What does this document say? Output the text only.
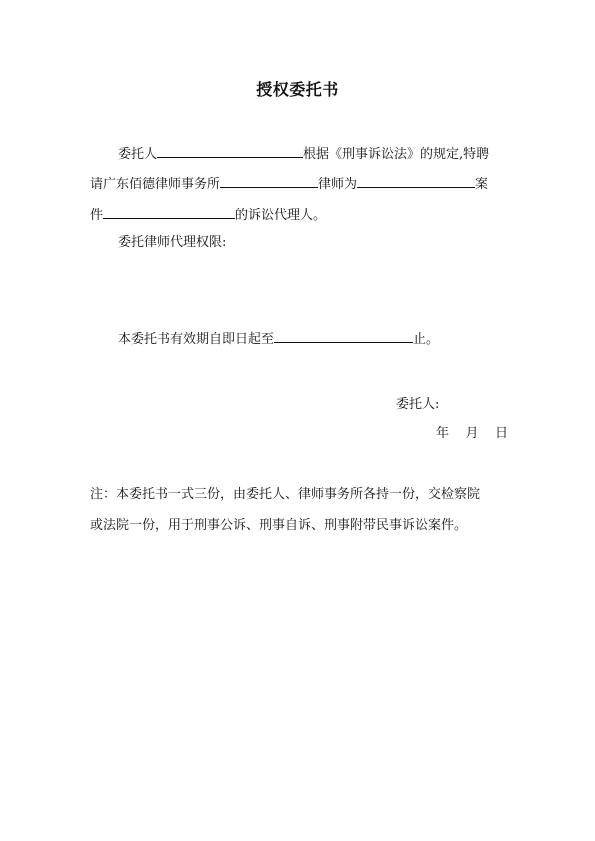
授权委托书
委托人	根据《刑事诉讼法》的规定,特聘
请广东佰德律师事务所	律师为	案
件	的诉讼代理人。
委托律师代理权限:
本委托书有效期自即日起至	止。
委托人:
年    月    日
注：本委托书一式三份，由委托人、律师事务所各持一份，交检察院
或法院一份，用于刑事公诉、刑事自诉、刑事附带民事诉讼案件。
